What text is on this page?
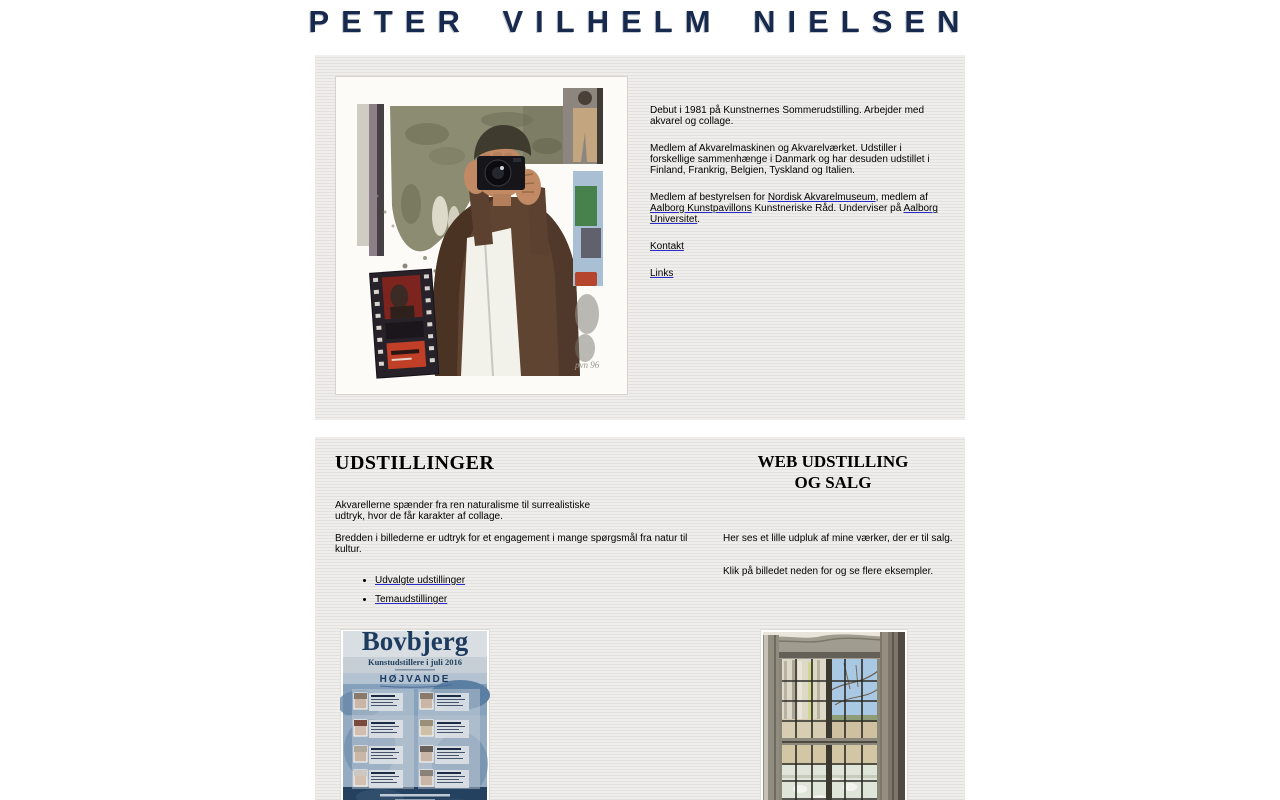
PETER VILHELM NIELSEN
pvn 96

Debut i 1981 på Kunstnernes Sommerudstilling. Arbejder med akvarel og collage.

Medlem af Akvarelmaskinen og Akvarelværket. Udstiller i forskellige sammenhænge i Danmark og har desuden udstillet i Finland, Frankrig, Belgien, Tyskland og Italien.

Medlem af bestyrelsen for Nordisk Akvarelmuseum, medlem af Aalborg Kunstpavillons Kunstneriske Råd. Underviser på Aalborg Universitet.

Kontakt

Links

UDSTILLINGER

Akvarellerne spænder fra ren naturalisme til surrealistiske udtryk, hvor de får karakter af collage.

Bredden i billederne er udtryk for et engagement i mange spørgsmål fra natur til kultur.

• Udvalgte udstillinger
• Temaudstillinger
WEB UDSTILLING
OG SALG

Her ses et lille udpluk af mine værker, der er til salg.

Klik på billedet neden for og se flere eksempler.

Bovbjerg
Kunstudstillere i juli 2016
HØJVANDE
